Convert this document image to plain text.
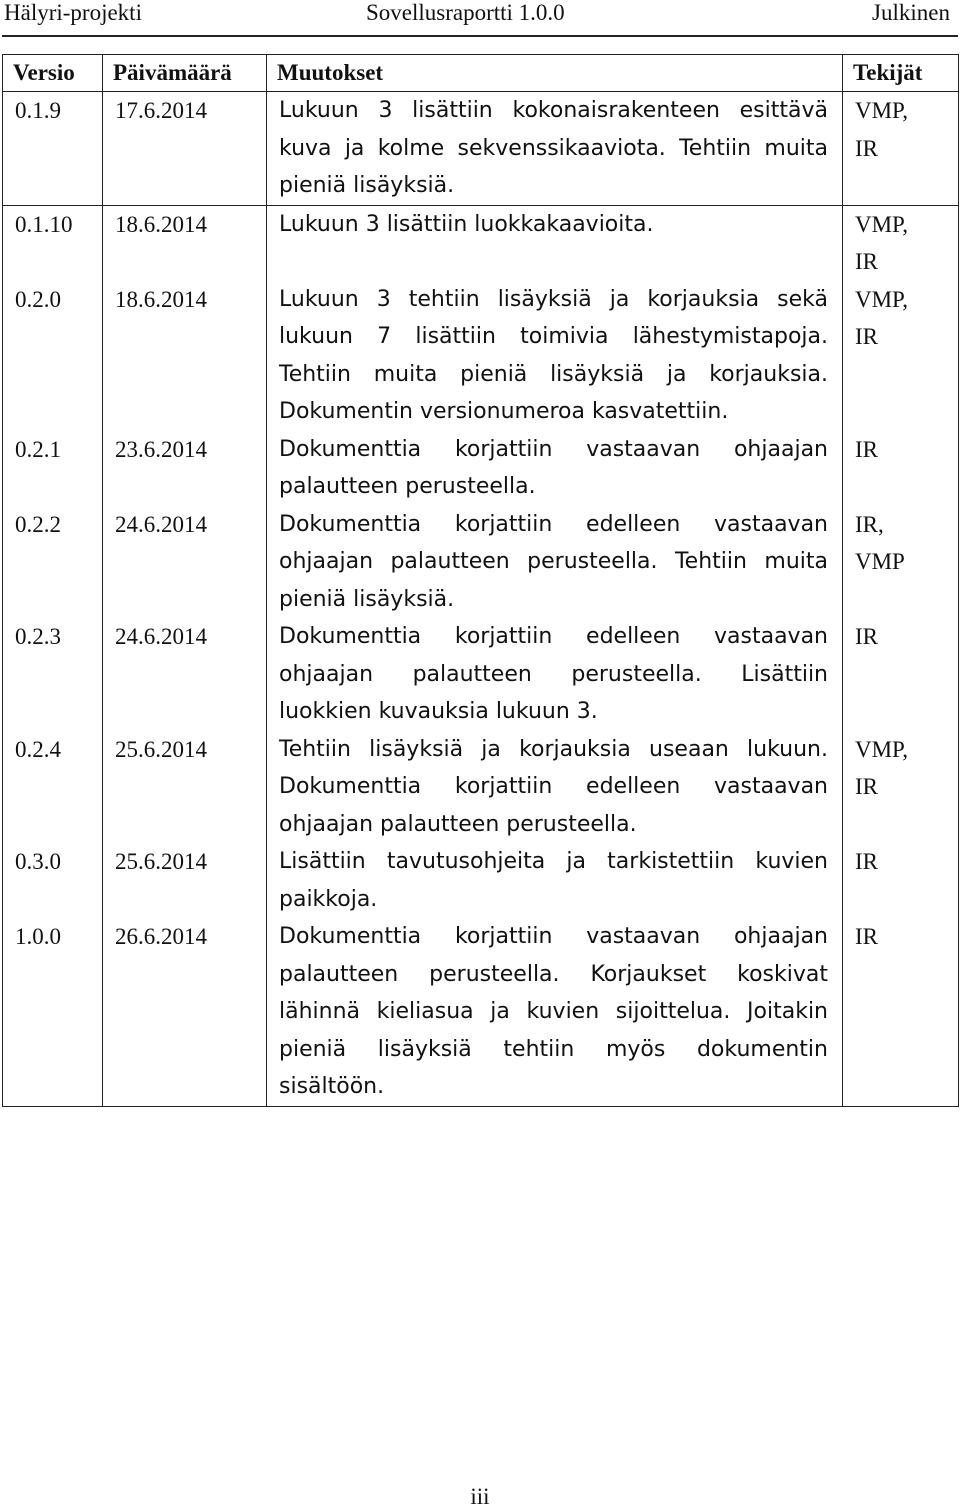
Hälyri-projekti	Sovellusraportti 1.0.0	Julkinen
Versio	Päivämäärä	Muutokset	Tekijät
0.1.9	17.6.2014	Lukuun 3 lisättiin kokonaisrakenteen esittävä kuva ja kolme sekvenssikaaviota. Tehtiin muita pieniä lisäyksiä.	VMP,
IR
0.1.10	18.6.2014	Lukuun 3 lisättiin luokkakaavioita.	VMP,
IR
0.2.0	18.6.2014	Lukuun 3 tehtiin lisäyksiä ja korjauksia sekä lukuun 7 lisättiin toimivia lähestymistapoja. Tehtiin muita pieniä lisäyksiä ja korjauksia. Dokumentin versionumeroa kasvatettiin.	VMP,
IR
0.2.1	23.6.2014	Dokumenttia korjattiin vastaavan ohjaajan palautteen perusteella.	IR
0.2.2	24.6.2014	Dokumenttia korjattiin edelleen vastaavan ohjaajan palautteen perusteella. Tehtiin muita pieniä lisäyksiä.	IR,
VMP
0.2.3	24.6.2014	Dokumenttia korjattiin edelleen vastaavan ohjaajan palautteen perusteella. Lisättiin luokkien kuvauksia lukuun 3.	IR
0.2.4	25.6.2014	Tehtiin lisäyksiä ja korjauksia useaan lukuun. Dokumenttia korjattiin edelleen vastaavan ohjaajan palautteen perusteella.	VMP,
IR
0.3.0	25.6.2014	Lisättiin tavutusohjeita ja tarkistettiin kuvien paikkoja.	IR
1.0.0	26.6.2014	Dokumenttia korjattiin vastaavan ohjaajan palautteen perusteella. Korjaukset koskivat lähinnä kieliasua ja kuvien sijoittelua. Joitakin pieniä lisäyksiä tehtiin myös dokumentin sisältöön.	IR
iii
